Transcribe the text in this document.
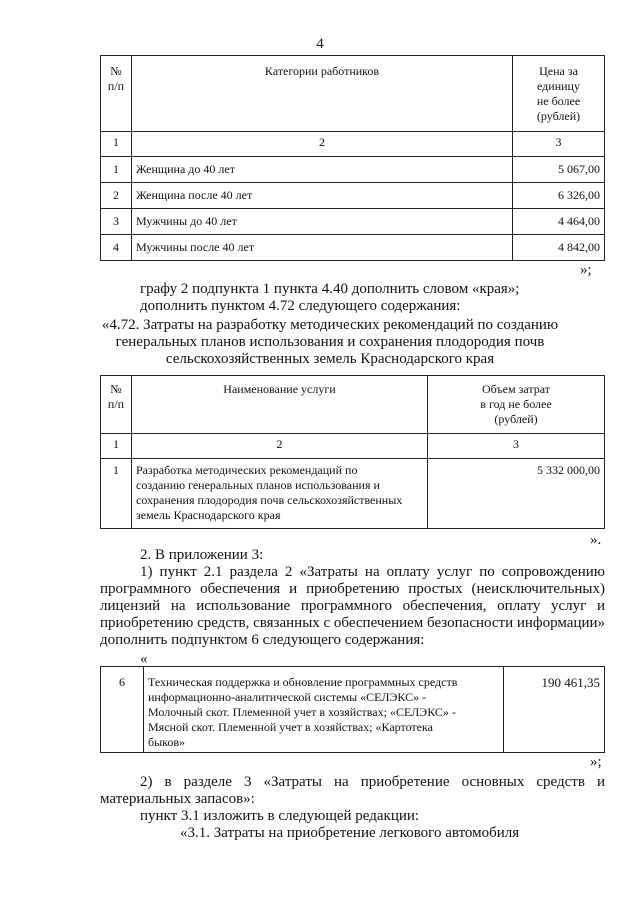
4
№
п/п	Категории работников	Цена за
единицу
не более
(рублей)
1	2	3
1	Женщина до 40 лет	5 067,00
2	Женщина после 40 лет	6 326,00
3	Мужчины до 40 лет	4 464,00
4	Мужчины после 40 лет	4 842,00
»;
графу 2 подпункта 1 пункта 4.40 дополнить словом «края»;
дополнить пунктом 4.72 следующего содержания:
«4.72. Затраты на разработку методических рекомендаций по созданию
генеральных планов использования и сохранения плодородия почв
сельскохозяйственных земель Краснодарского края
№
п/п	Наименование услуги	Объем затрат
в год не более
(рублей)
1	2	3
1	Разработка методических рекомендаций по
созданию генеральных планов использования и
сохранения плодородия почв сельскохозяйственных
земель Краснодарского края	5 332 000,00
».
2. В приложении 3:
1) пункт 2.1 раздела 2 «Затраты на оплату услуг по сопровождению
программного обеспечения и приобретению простых (неисключительных)
лицензий на использование программного обеспечения, оплату услуг и
приобретению средств, связанных с обеспечением безопасности информации»
дополнить подпунктом 6 следующего содержания:
«
6	Техническая поддержка и обновление программных средств
информационно-аналитической системы «СЕЛЭКС» -
Молочный скот. Племенной учет в хозяйствах; «СЕЛЭКС» -
Мясной скот. Племенной учет в хозяйствах; «Картотека
быков»	190 461,35
»;
2) в разделе 3 «Затраты на приобретение основных средств и
материальных запасов»:
пункт 3.1 изложить в следующей редакции:
«3.1. Затраты на приобретение легкового автомобиля
